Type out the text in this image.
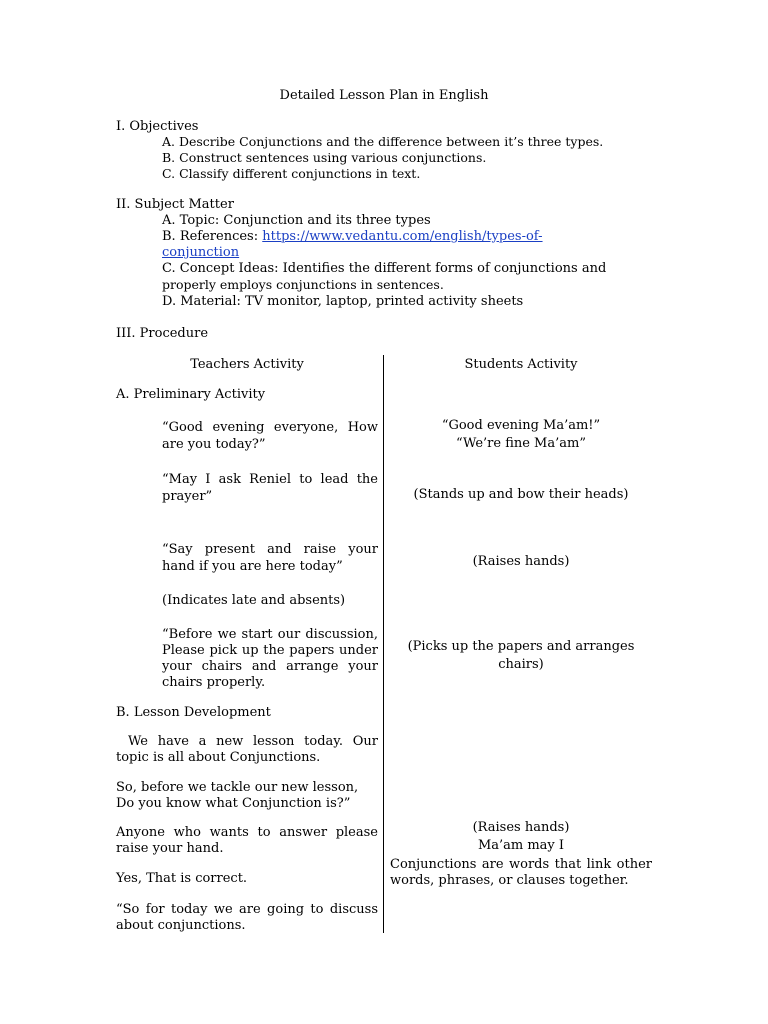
Detailed Lesson Plan in English
I. Objectives
A. Describe Conjunctions and the difference between it’s three types.
B. Construct sentences using various conjunctions.
C. Classify different conjunctions in text.
II. Subject Matter
A. Topic: Conjunction and its three types
B. References: https://www.vedantu.com/english/types-of-
conjunction
C. Concept Ideas: Identifies the different forms of conjunctions and
properly employs conjunctions in sentences.
D. Material: TV monitor, laptop, printed activity sheets
III. Procedure
Teachers Activity	Students Activity
A. Preliminary Activity
“Good evening everyone, How are you today?”
“May I ask Reniel to lead the prayer”
“Say present and raise your hand if you are here today”
(Indicates late and absents)
“Before we start our discussion, Please pick up the papers under your chairs and arrange your chairs properly.
B. Lesson Development
We have a new lesson today. Our topic is all about Conjunctions.
So, before we tackle our new lesson, Do you know what Conjunction is?”
Anyone who wants to answer please raise your hand.
Yes, That is correct.
“So for today we are going to discuss about conjunctions.
“Good evening Ma’am!”
“We’re fine Ma’am”
(Stands up and bow their heads)
(Raises hands)
(Picks up the papers and arranges chairs)
(Raises hands)
Ma’am may I
Conjunctions are words that link other words, phrases, or clauses together.
